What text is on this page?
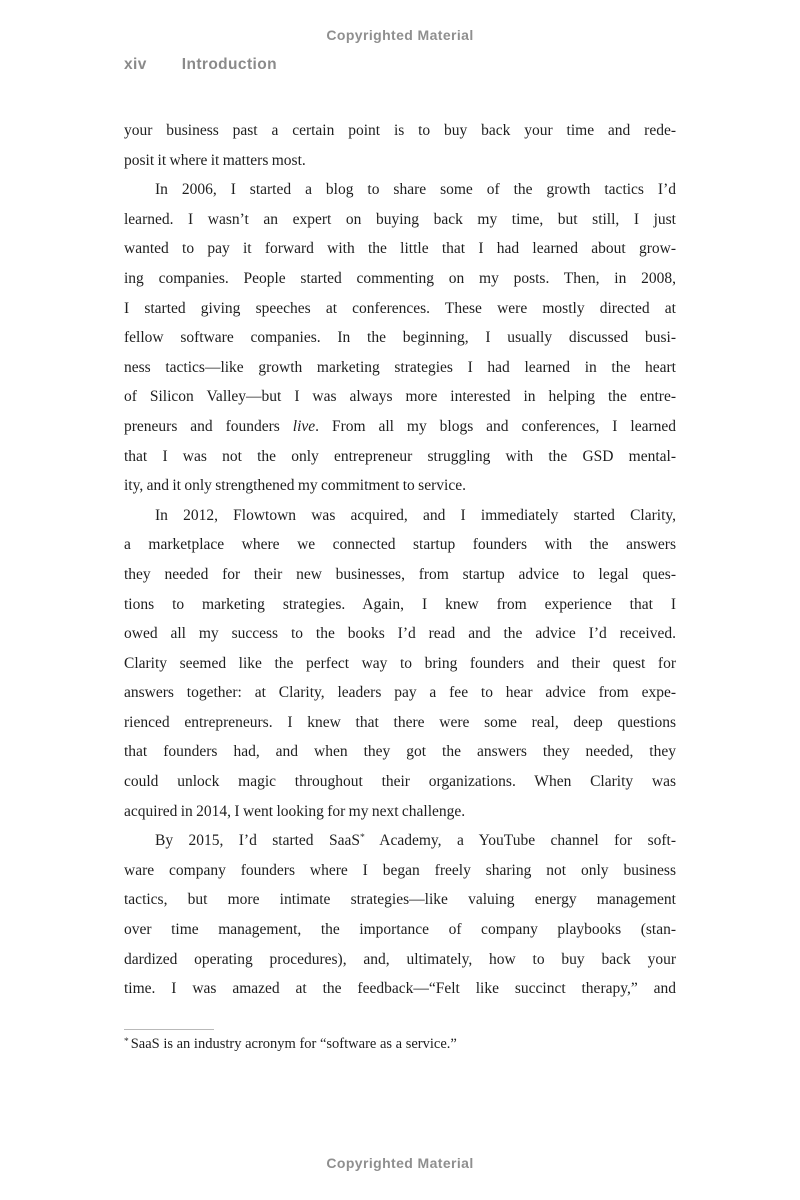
Copyrighted Material
xiv Introduction
your business past a certain point is to buy back your time and rede-
posit it where it matters most.
In 2006, I started a blog to share some of the growth tactics I’d
learned. I wasn’t an expert on buying back my time, but still, I just
wanted to pay it forward with the little that I had learned about grow-
ing companies. People started commenting on my posts. Then, in 2008,
I started giving speeches at conferences. These were mostly directed at
fellow software companies. In the beginning, I usually discussed busi-
ness tactics—like growth marketing strategies I had learned in the heart
of Silicon Valley—but I was always more interested in helping the entre-
preneurs and founders live. From all my blogs and conferences, I learned
that I was not the only entrepreneur struggling with the GSD mental-
ity, and it only strengthened my commitment to service.
In 2012, Flowtown was acquired, and I immediately started Clarity,
a marketplace where we connected startup founders with the answers
they needed for their new businesses, from startup advice to legal ques-
tions to marketing strategies. Again, I knew from experience that I
owed all my success to the books I’d read and the advice I’d received.
Clarity seemed like the perfect way to bring founders and their quest for
answers together: at Clarity, leaders pay a fee to hear advice from expe-
rienced entrepreneurs. I knew that there were some real, deep questions
that founders had, and when they got the answers they needed, they
could unlock magic throughout their organizations. When Clarity was
acquired in 2014, I went looking for my next challenge.
By 2015, I’d started SaaS* Academy, a YouTube channel for soft-
ware company founders where I began freely sharing not only business
tactics, but more intimate strategies—like valuing energy management
over time management, the importance of company playbooks (stan-
dardized operating procedures), and, ultimately, how to buy back your
time. I was amazed at the feedback—“Felt like succinct therapy,” and
* SaaS is an industry acronym for “software as a service.”
Copyrighted Material
